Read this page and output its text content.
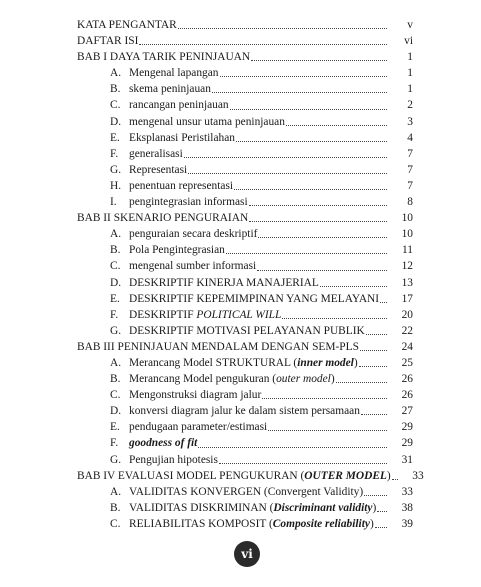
KATA PENGANTAR	v
DAFTAR ISI	vi
BAB I DAYA TARIK PENINJAUAN	1
A. Mengenal lapangan	1
B. skema peninjauan	1
C. rancangan peninjauan	2
D. mengenal unsur utama peninjauan	3
E. Eksplanasi Peristilahan	4
F. generalisasi	7
G. Representasi	7
H. penentuan representasi	7
I.	pengintegrasian informasi	8
BAB II SKENARIO PENGURAIAN	10
A. penguraian secara deskriptif	10
B. Pola Pengintegrasian	11
C. mengenal sumber informasi	12
D. DESKRIPTIF KINERJA MANAJERIAL	13
E. DESKRIPTIF KEPEMIMPINAN YANG MELAYANI	17
F. DESKRIPTIF POLITICAL WILL	20
G. DESKRIPTIF MOTIVASI PELAYANAN PUBLIK	22
BAB III PENINJAUAN MENDALAM DENGAN SEM-PLS	24
A. Merancang Model STRUKTURAL (inner model)	25
B. Merancang Model pengukuran (outer model)	26
C. Mengonstruksi diagram jalur	26
D. konversi diagram jalur ke dalam sistem persamaan	27
E. pendugaan parameter/estimasi	29
F. goodness of fit	29
G. Pengujian hipotesis	31
BAB IV EVALUASI MODEL PENGUKURAN (OUTER MODEL)	33
A. VALIDITAS KONVERGEN (Convergent Validity)	33
B. VALIDITAS DISKRIMINAN (Discriminant validity)	38
C. RELIABILITAS KOMPOSIT (Composite reliability)	39
vi
